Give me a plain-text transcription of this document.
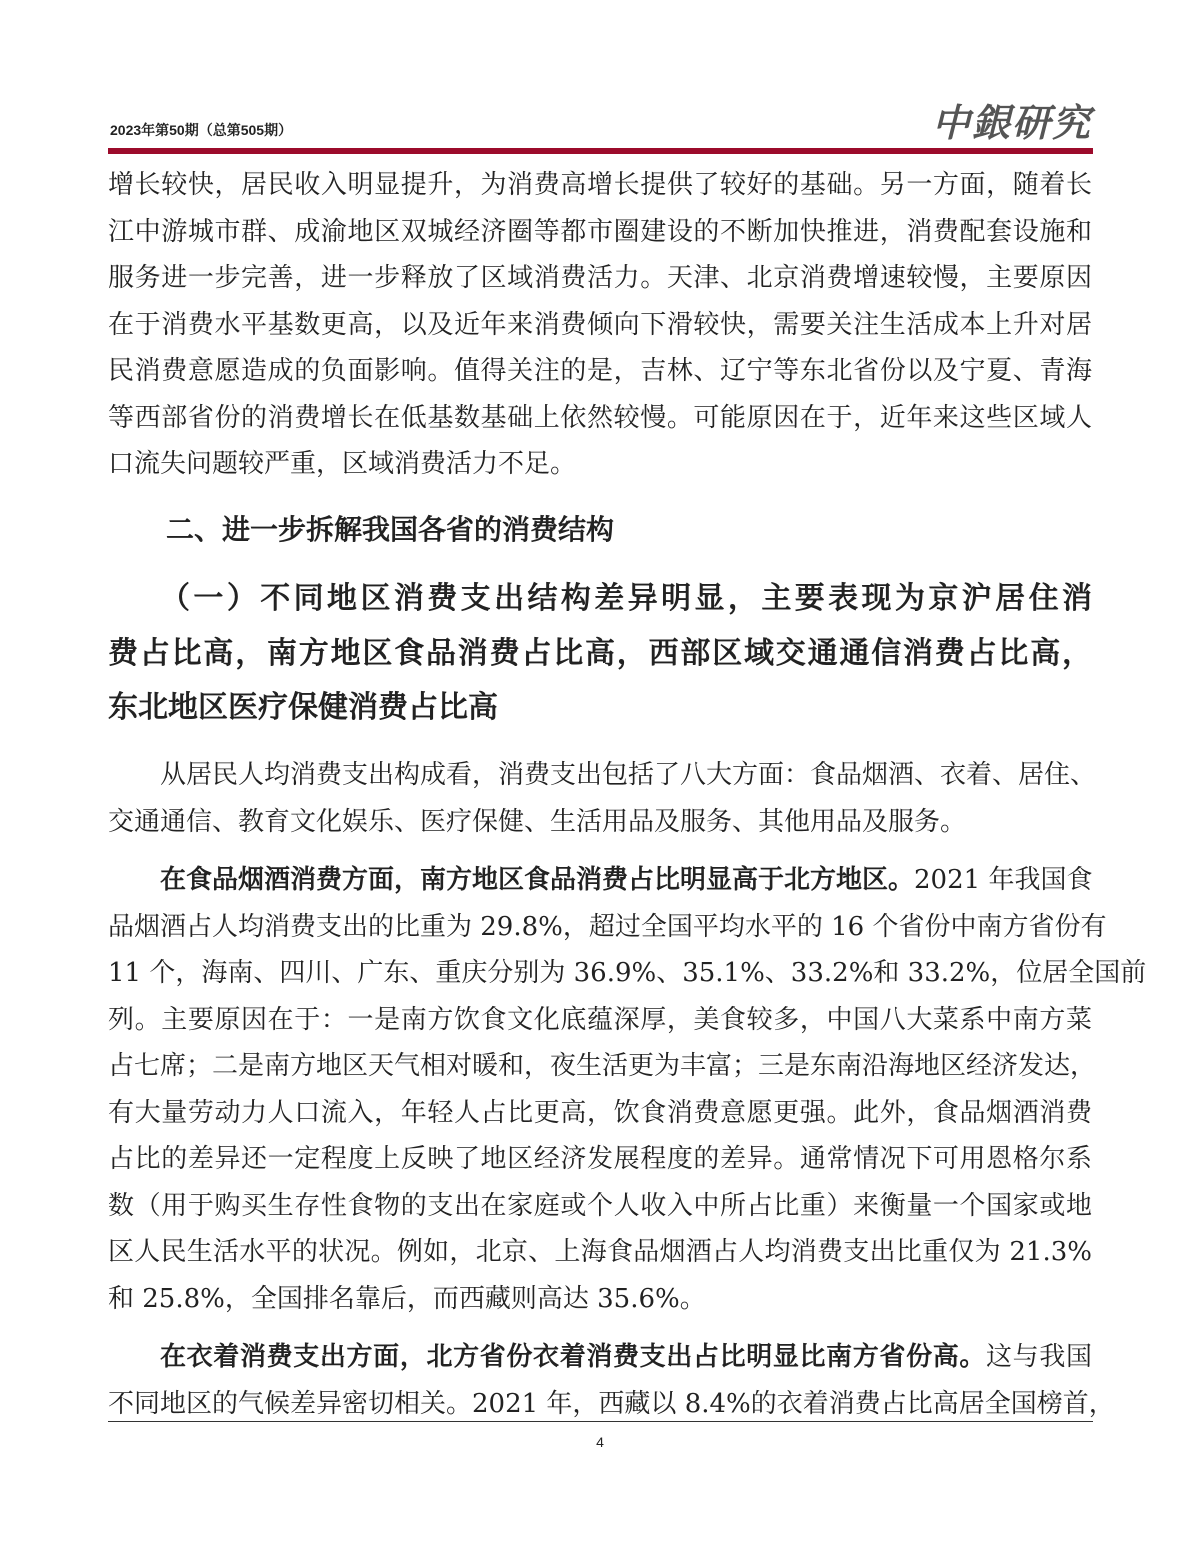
2023年第50期（总第505期）	中銀研究
增长较快，居民收入明显提升，为消费高增长提供了较好的基础。另一方面，随着长
江中游城市群、成渝地区双城经济圈等都市圈建设的不断加快推进，消费配套设施和
服务进一步完善，进一步释放了区域消费活力。天津、北京消费增速较慢，主要原因
在于消费水平基数更高，以及近年来消费倾向下滑较快，需要关注生活成本上升对居
民消费意愿造成的负面影响。值得关注的是，吉林、辽宁等东北省份以及宁夏、青海
等西部省份的消费增长在低基数基础上依然较慢。可能原因在于，近年来这些区域人
口流失问题较严重，区域消费活力不足。
二、进一步拆解我国各省的消费结构
（一）不同地区消费支出结构差异明显，主要表现为京沪居住消
费占比高，南方地区食品消费占比高，西部区域交通通信消费占比高，
东北地区医疗保健消费占比高
从居民人均消费支出构成看，消费支出包括了八大方面：食品烟酒、衣着、居住、
交通通信、教育文化娱乐、医疗保健、生活用品及服务、其他用品及服务。
在食品烟酒消费方面，南方地区食品消费占比明显高于北方地区。2021 年我国食
品烟酒占人均消费支出的比重为 29.8%，超过全国平均水平的 16 个省份中南方省份有
11 个，海南、四川、广东、重庆分别为 36.9%、35.1%、33.2%和 33.2%，位居全国前
列。主要原因在于：一是南方饮食文化底蕴深厚，美食较多，中国八大菜系中南方菜
占七席；二是南方地区天气相对暖和，夜生活更为丰富；三是东南沿海地区经济发达，
有大量劳动力人口流入，年轻人占比更高，饮食消费意愿更强。此外，食品烟酒消费
占比的差异还一定程度上反映了地区经济发展程度的差异。通常情况下可用恩格尔系
数（用于购买生存性食物的支出在家庭或个人收入中所占比重）来衡量一个国家或地
区人民生活水平的状况。例如，北京、上海食品烟酒占人均消费支出比重仅为 21.3%
和 25.8%，全国排名靠后，而西藏则高达 35.6%。
在衣着消费支出方面，北方省份衣着消费支出占比明显比南方省份高。这与我国
不同地区的气候差异密切相关。2021 年，西藏以 8.4%的衣着消费占比高居全国榜首，
4
